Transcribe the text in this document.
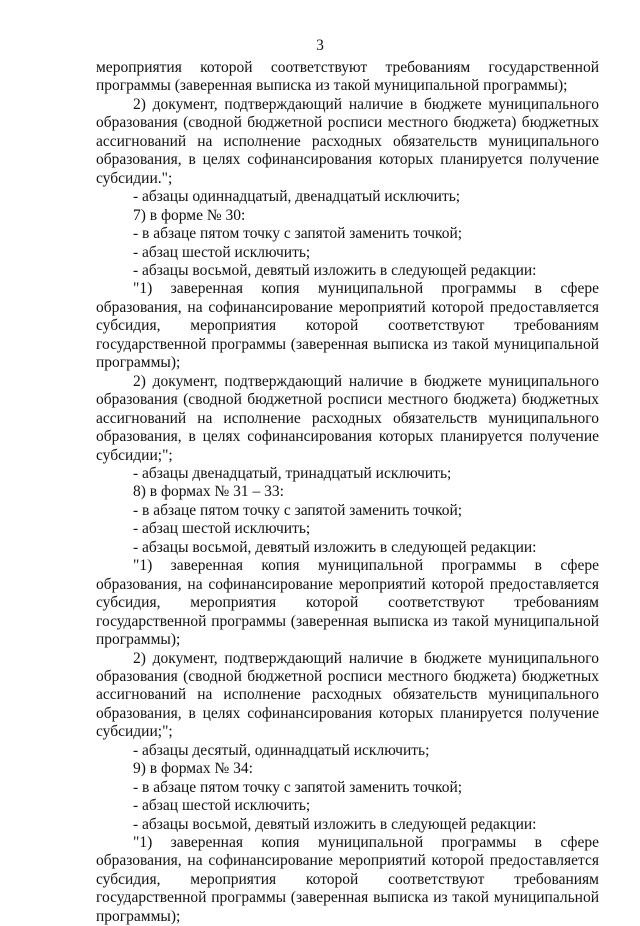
3

мероприятия которой соответствуют требованиям государственной

программы (заверенная выписка из такой муниципальной программы);

2) документ, подтверждающий наличие в бюджете муниципального образования (сводной бюджетной росписи местного бюджета) бюджетных ассигнований на исполнение расходных обязательств муниципального образования, в целях софинансирования которых планируется получение субсидии.";

- абзацы одиннадцатый, двенадцатый исключить;

7) в форме № 30:

- в абзаце пятом точку с запятой заменить точкой;

- абзац шестой исключить;

- абзацы восьмой, девятый изложить в следующей редакции:

"1) заверенная копия муниципальной программы в сфере образования, на софинансирование мероприятий которой предоставляется субсидия, мероприятия которой соответствуют требованиям государственной программы (заверенная выписка из такой муниципальной программы);

2) документ, подтверждающий наличие в бюджете муниципального образования (сводной бюджетной росписи местного бюджета) бюджетных ассигнований на исполнение расходных обязательств муниципального образования, в целях софинансирования которых планируется получение субсидии;";

- абзацы двенадцатый, тринадцатый исключить;

8) в формах № 31 – 33:

- в абзаце пятом точку с запятой заменить точкой;

- абзац шестой исключить;

- абзацы восьмой, девятый изложить в следующей редакции:

"1) заверенная копия муниципальной программы в сфере образования, на софинансирование мероприятий которой предоставляется субсидия, мероприятия которой соответствуют требованиям государственной программы (заверенная выписка из такой муниципальной программы);

2) документ, подтверждающий наличие в бюджете муниципального образования (сводной бюджетной росписи местного бюджета) бюджетных ассигнований на исполнение расходных обязательств муниципального образования, в целях софинансирования которых планируется получение субсидии;";

- абзацы десятый, одиннадцатый исключить;

9) в формах № 34:

- в абзаце пятом точку с запятой заменить точкой;

- абзац шестой исключить;

- абзацы восьмой, девятый изложить в следующей редакции:

"1) заверенная копия муниципальной программы в сфере образования, на софинансирование мероприятий которой предоставляется субсидия, мероприятия которой соответствуют требованиям государственной программы (заверенная выписка из такой муниципальной программы);
